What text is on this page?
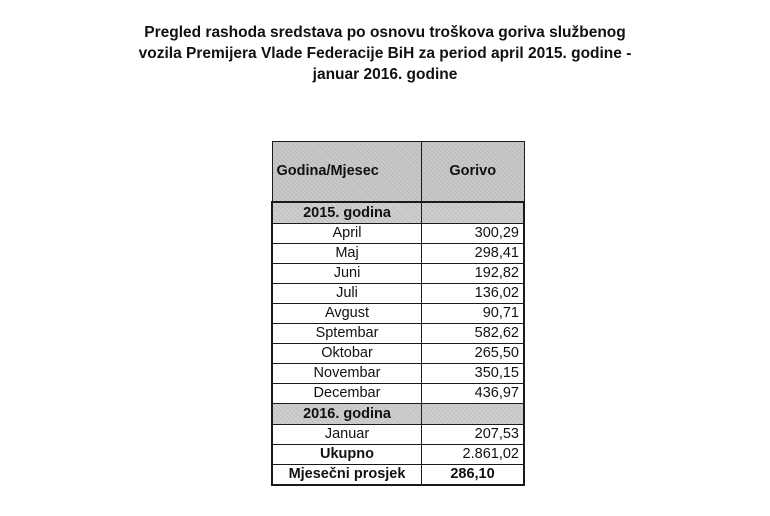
Pregled rashoda sredstava po osnovu troškova goriva službenog
vozila Premijera Vlade Federacije BiH za period april 2015. godine -
januar 2016. godine
Godina/Mjesec	Gorivo
2015. godina	
April	300,29
Maj	298,41
Juni	192,82
Juli	136,02
Avgust	90,71
Sptembar	582,62
Oktobar	265,50
Novembar	350,15
Decembar	436,97
2016. godina	
Januar	207,53
Ukupno	2.861,02
Mjesečni prosjek	286,10
